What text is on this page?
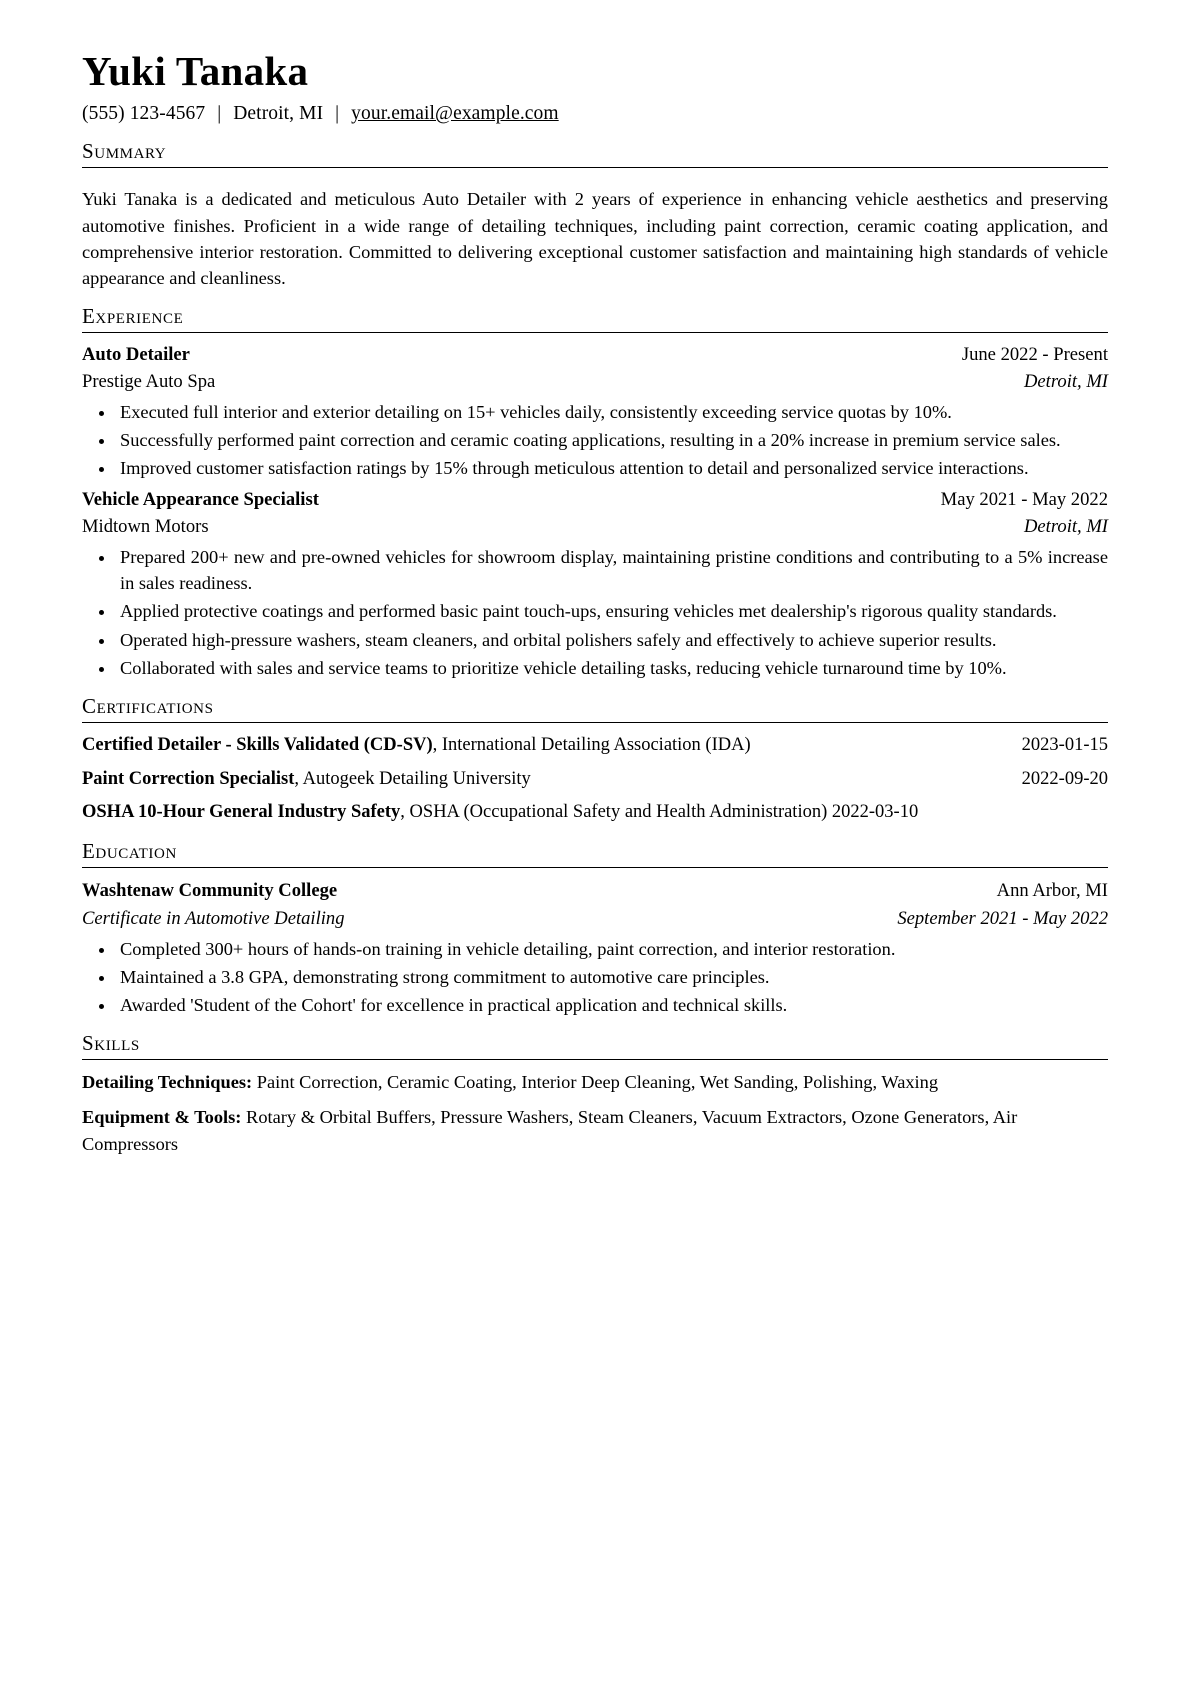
Yuki Tanaka
(555) 123-4567 | Detroit, MI | your.email@example.com
Summary

Yuki Tanaka is a dedicated and meticulous Auto Detailer with 2 years of experience in enhancing vehicle aesthetics and preserving automotive finishes. Proficient in a wide range of detailing techniques, including paint correction, ceramic coating application, and comprehensive interior restoration. Committed to delivering exceptional customer satisfaction and maintaining high standards of vehicle appearance and cleanliness.

Experience
Auto Detailer	June 2022 - Present
Prestige Auto Spa	Detroit, MI
• Executed full interior and exterior detailing on 15+ vehicles daily, consistently exceeding service quotas by 10%.
• Successfully performed paint correction and ceramic coating applications, resulting in a 20% increase in premium service sales.
• Improved customer satisfaction ratings by 15% through meticulous attention to detail and personalized service interactions.
Vehicle Appearance Specialist	May 2021 - May 2022
Midtown Motors	Detroit, MI
• Prepared 200+ new and pre-owned vehicles for showroom display, maintaining pristine conditions and contributing to a 5% increase in sales readiness.
• Applied protective coatings and performed basic paint touch-ups, ensuring vehicles met dealership's rigorous quality standards.
• Operated high-pressure washers, steam cleaners, and orbital polishers safely and effectively to achieve superior results.
• Collaborated with sales and service teams to prioritize vehicle detailing tasks, reducing vehicle turnaround time by 10%.
Certifications
Certified Detailer - Skills Validated (CD-SV), International Detailing Association (IDA)	2023-01-15
Paint Correction Specialist, Autogeek Detailing University	2022-09-20
OSHA 10-Hour General Industry Safety, OSHA (Occupational Safety and Health Administration) 2022-03-10
Education
Washtenaw Community College	Ann Arbor, MI
Certificate in Automotive Detailing	September 2021 - May 2022
• Completed 300+ hours of hands-on training in vehicle detailing, paint correction, and interior restoration.
• Maintained a 3.8 GPA, demonstrating strong commitment to automotive care principles.
• Awarded 'Student of the Cohort' for excellence in practical application and technical skills.
Skills
Detailing Techniques: Paint Correction, Ceramic Coating, Interior Deep Cleaning, Wet Sanding, Polishing, Waxing
Equipment & Tools: Rotary & Orbital Buffers, Pressure Washers, Steam Cleaners, Vacuum Extractors, Ozone Generators, Air Compressors
